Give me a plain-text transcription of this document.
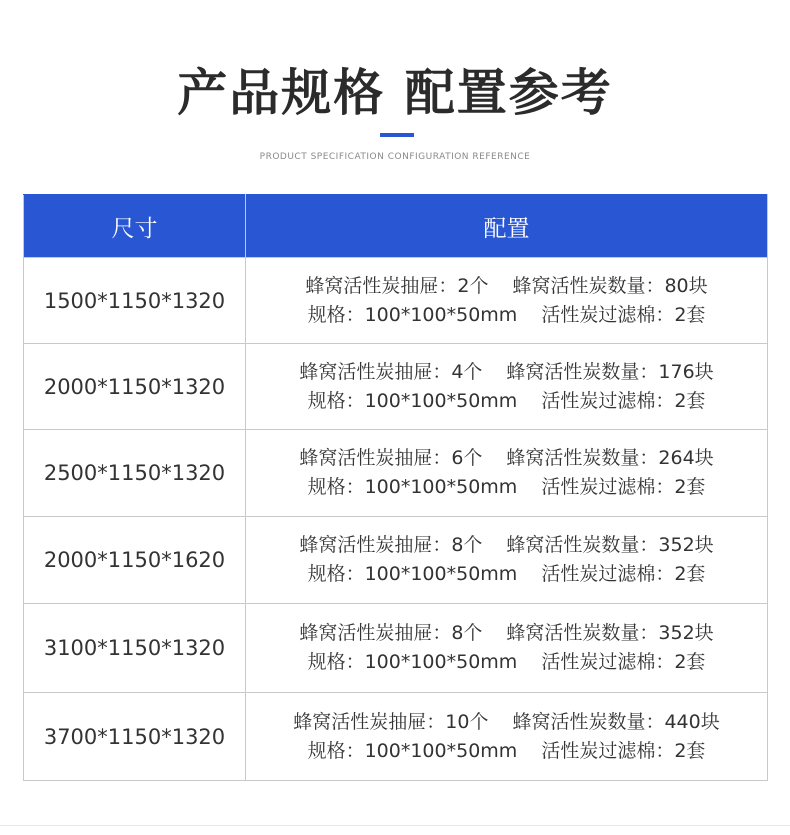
产品规格 配置参考
PRODUCT SPECIFICATION CONFIGURATION REFERENCE
尺寸	配置
1500*1150*1320	蜂窝活性炭抽屉：2个 蜂窝活性炭数量：80块
规格：100*100*50mm 活性炭过滤棉：2套

2000*1150*1320	蜂窝活性炭抽屉：4个 蜂窝活性炭数量：176块
规格：100*100*50mm 活性炭过滤棉：2套

2500*1150*1320	蜂窝活性炭抽屉：6个 蜂窝活性炭数量：264块
规格：100*100*50mm 活性炭过滤棉：2套

2000*1150*1620	蜂窝活性炭抽屉：8个 蜂窝活性炭数量：352块
规格：100*100*50mm 活性炭过滤棉：2套

3100*1150*1320	蜂窝活性炭抽屉：8个 蜂窝活性炭数量：352块
规格：100*100*50mm 活性炭过滤棉：2套

3700*1150*1320	蜂窝活性炭抽屉：10个 蜂窝活性炭数量：440块
规格：100*100*50mm 活性炭过滤棉：2套
